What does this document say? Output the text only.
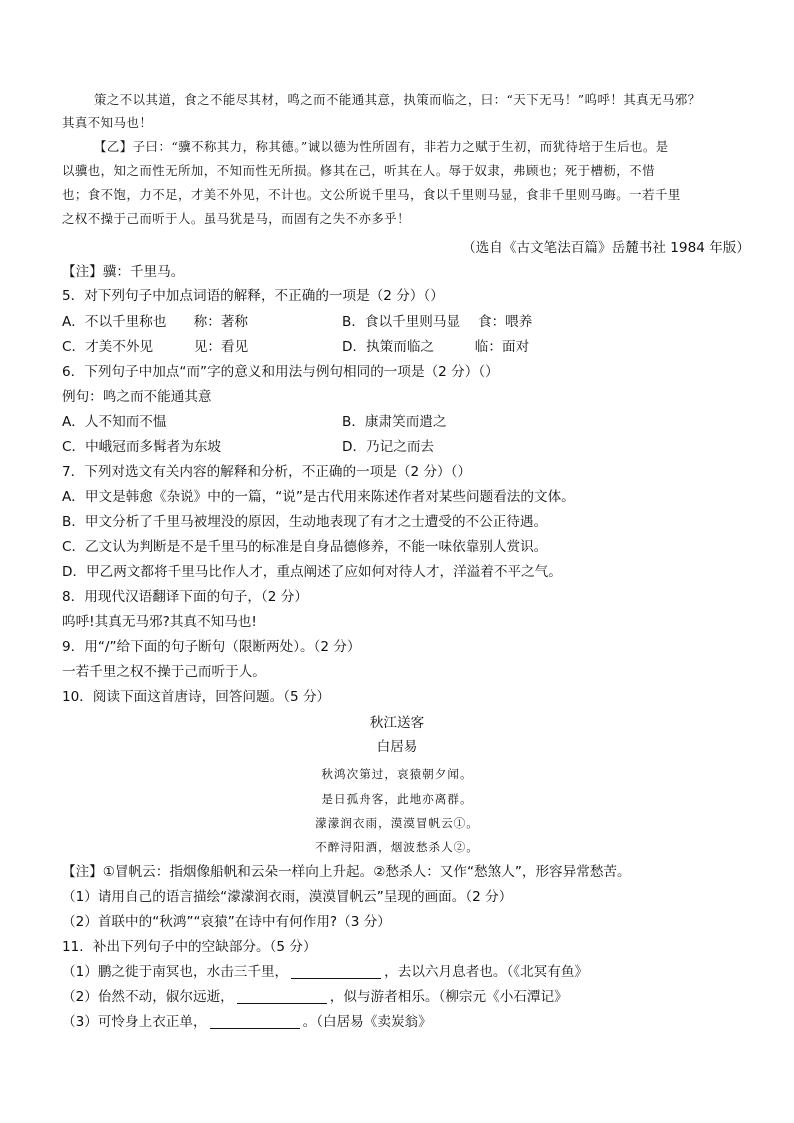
策之不以其道，食之不能尽其材，鸣之而不能通其意，执策而临之，曰：“天下无马！”呜呼！其真无马邪？
其真不知马也！
【乙】子曰：“骥不称其力，称其德。”诚以德为性所固有，非若力之赋于生初，而犹待培于生后也。是
以骥也，知之而性无所加，不知而性无所损。修其在己，听其在人。辱于奴隶，弗顾也；死于槽枥，不惜
也；食不饱，力不足，才美不外见，不计也。文公所说千里马，食以千里则马显，食非千里则马晦。一若千里
之权不操于己而听于人。虽马犹是马，而固有之失不亦多乎！
（选自《古文笔法百篇》岳麓书社 1984 年版）
【注】骥：千里马。
5．对下列句子中加点词语的解释，不正确的一项是（2 分）（）
A．不以千里称也　　称：著称	B．食以千里则马显　 食：喂养
C．才美不外见　　　见：看见	D．执策而临之　　　临：面对
6．下列句子中加点“而”字的意义和用法与例句相同的一项是（2 分）（）
例句：鸣之而不能通其意
A．人不知而不愠	B．康肃笑而遣之
C．中峨冠而多髯者为东坡	D．乃记之而去
7．下列对选文有关内容的解释和分析，不正确的一项是（2 分）（）
A．甲文是韩愈《杂说》中的一篇，“说”是古代用来陈述作者对某些问题看法的文体。
B．甲文分析了千里马被埋没的原因，生动地表现了有才之士遭受的不公正待遇。
C．乙文认为判断是不是千里马的标准是自身品德修养，不能一味依靠别人赏识。
D．甲乙两文都将千里马比作人才，重点阐述了应如何对待人才，洋溢着不平之气。
8．用现代汉语翻译下面的句子，（2 分）
呜呼!其真无马邪?其真不知马也!
9．用“/”给下面的句子断句（限断两处）。（2 分）
一若千里之权不操于己而听于人。
10．阅读下面这首唐诗，回答问题。（5 分）
秋江送客
白居易
秋鸿次第过，哀猿朝夕闻。
是日孤舟客，此地亦离群。
濛濛润衣雨，漠漠冒帆云①。
不醉浔阳酒，烟波愁杀人②。
【注】①冒帆云：指烟像船帆和云朵一样向上升起。②愁杀人：又作“愁煞人”，形容异常愁苦。
（1）请用自己的语言描绘“濛濛润衣雨，漠漠冒帆云”呈现的画面。（2 分）
（2）首联中的“秋鸿”“哀猿”在诗中有何作用?（3 分）
11．补出下列句子中的空缺部分。（5 分）
（1）鹏之徙于南冥也，水击三千里，	，去以六月息者也。（《北冥有鱼》
（2）佁然不动，俶尔远逝，	，似与游者相乐。（柳宗元《小石潭记》
（3）可怜身上衣正单，	。（白居易《卖炭翁》
